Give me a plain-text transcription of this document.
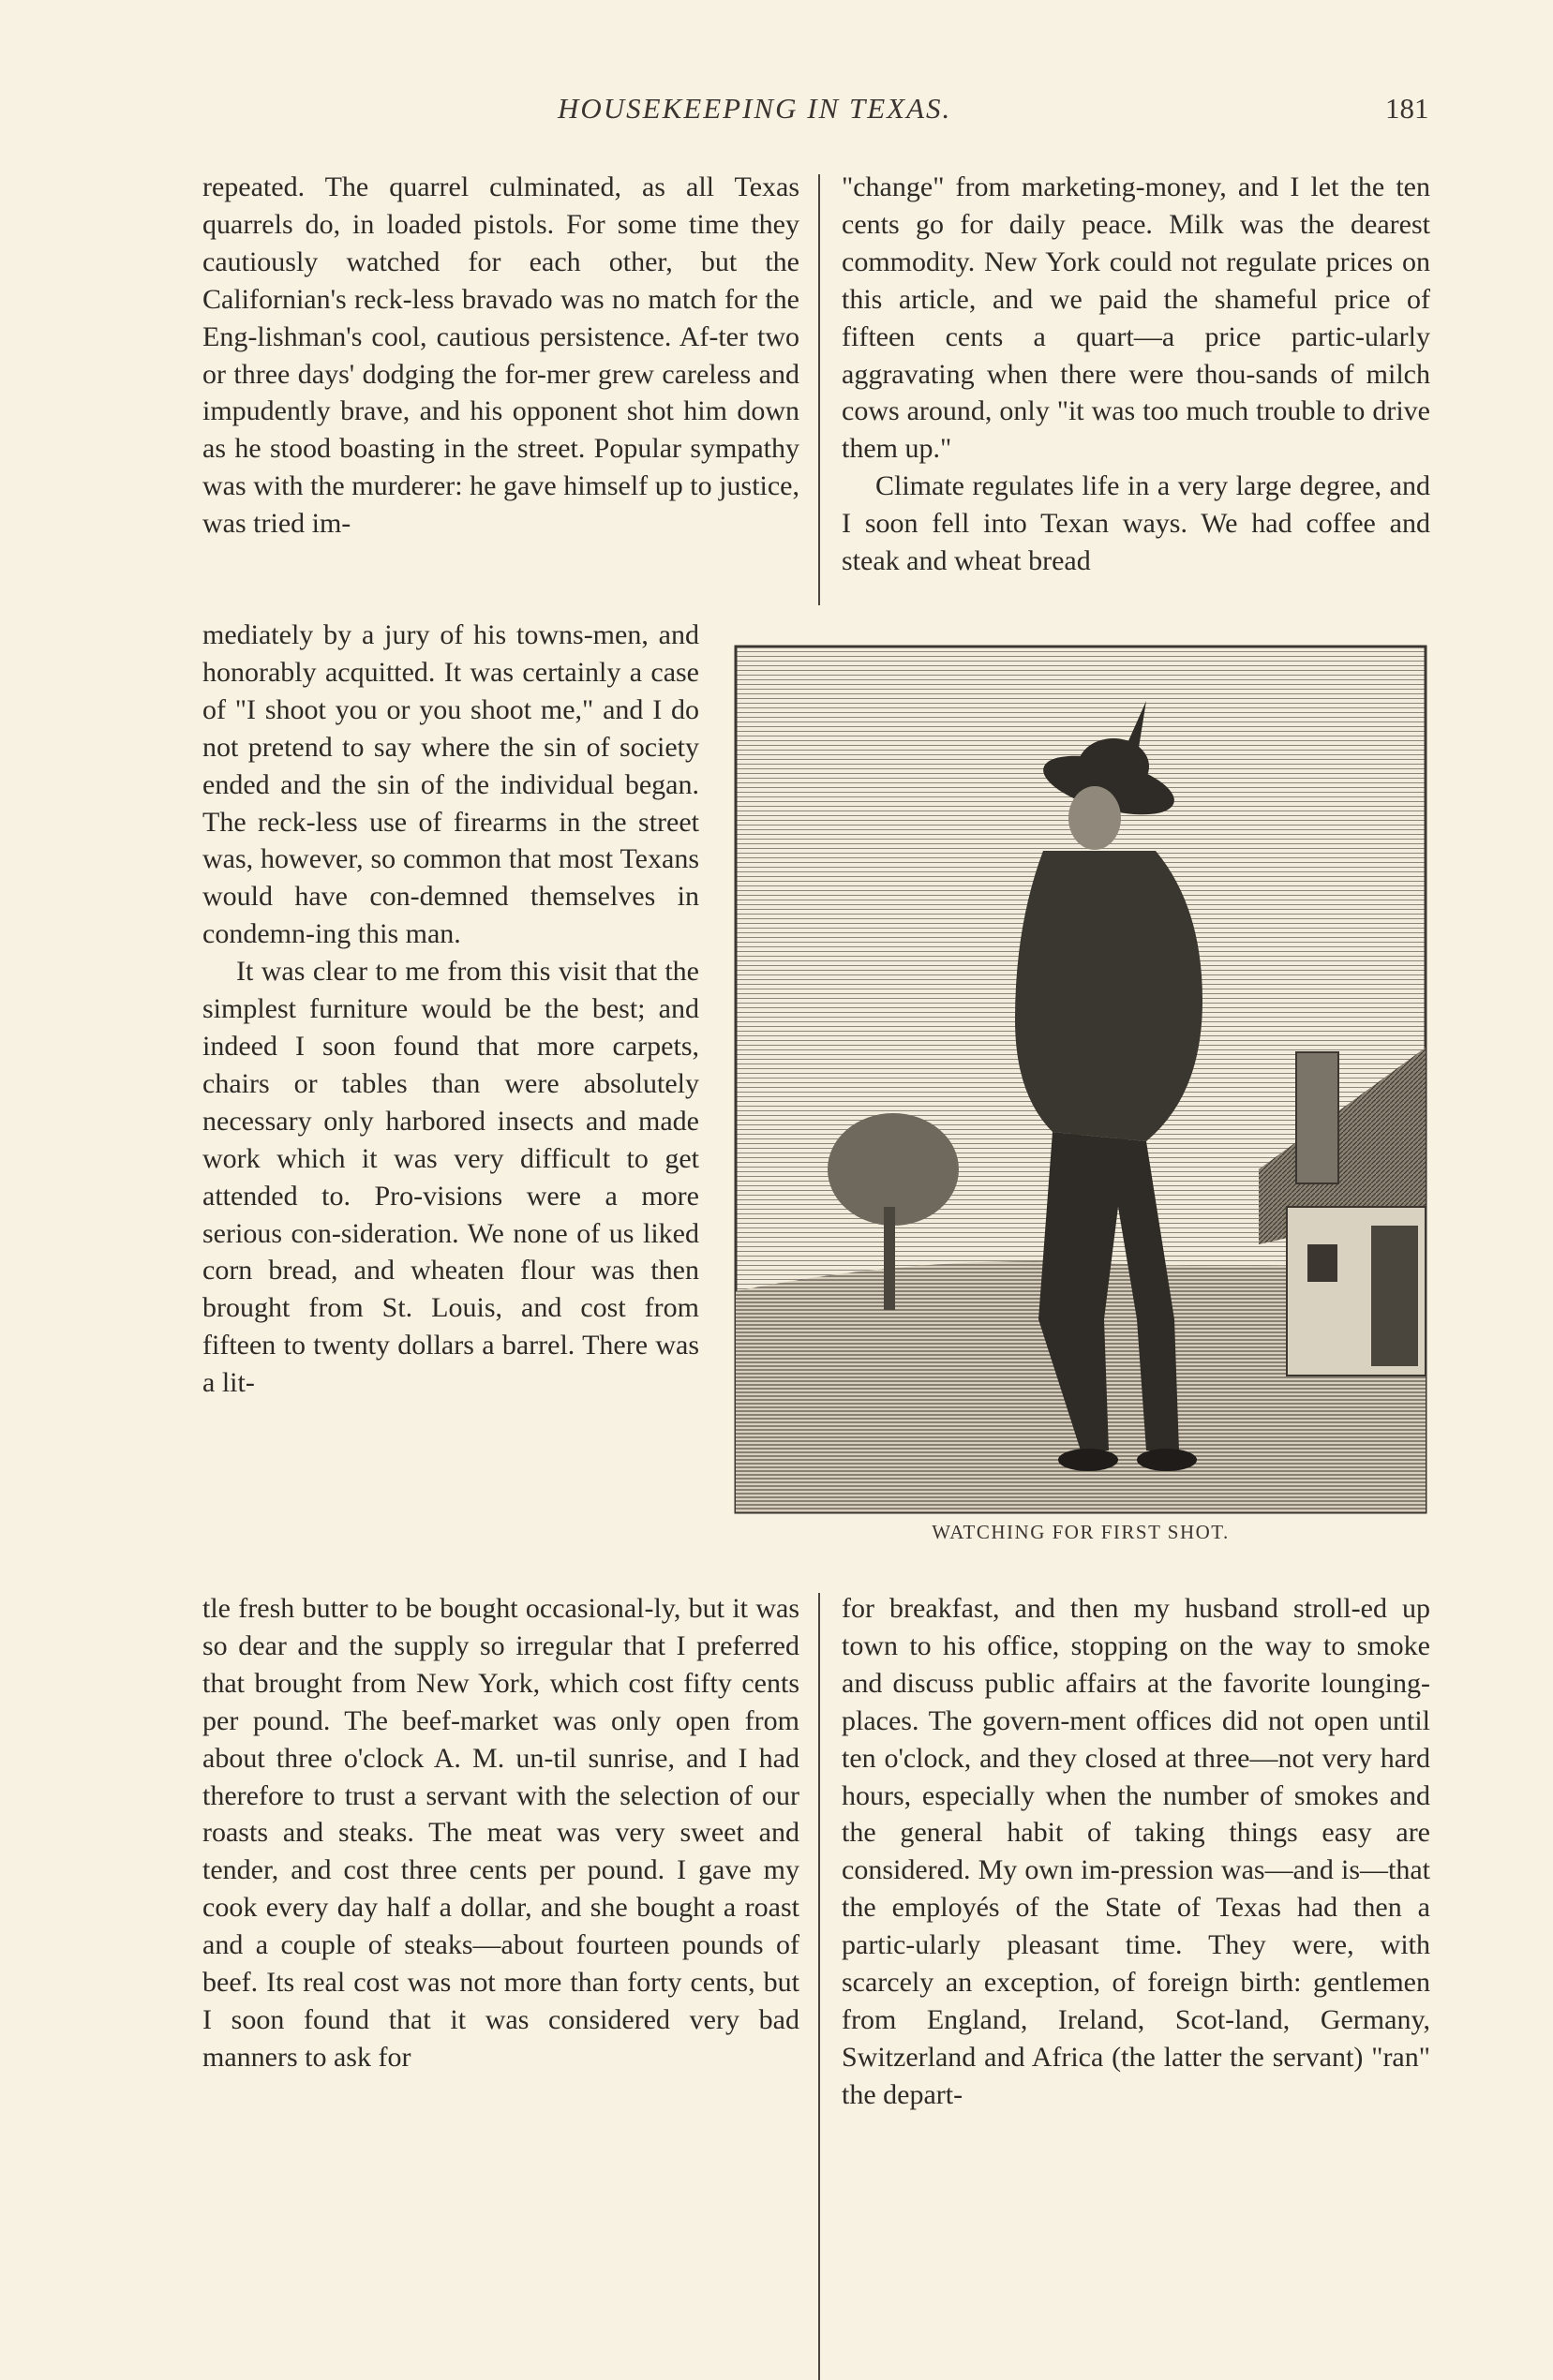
HOUSEKEEPING IN TEXAS.	181

repeated. The quarrel culminated, as all Texas quarrels do, in loaded pistols. For some time they cautiously watched for each other, but the Californian's reck-less bravado was no match for the Eng-lishman's cool, cautious persistence. Af-ter two or three days' dodging the for-mer grew careless and impudently brave, and his opponent shot him down as he stood boasting in the street. Popular sympathy was with the murderer: he gave himself up to justice, was tried im-

mediately by a jury of his towns-men, and honorably acquitted. It was certainly a case of "I shoot you or you shoot me," and I do not pretend to say where the sin of society ended and the sin of the individual began. The reck-less use of firearms in the street was, however, so common that most Texans would have con-demned themselves in condemn-ing this man.

It was clear to me from this visit that the simplest furniture would be the best; and indeed I soon found that more carpets, chairs or tables than were absolutely necessary only harbored insects and made work which it was very difficult to get attended to. Pro-visions were a more serious con-sideration. We none of us liked corn bread, and wheaten flour was then brought from St. Louis, and cost from fifteen to twenty dollars a barrel. There was a lit-

tle fresh butter to be bought occasional-ly, but it was so dear and the supply so irregular that I preferred that brought from New York, which cost fifty cents per pound. The beef-market was only open from about three o'clock A. M. un-til sunrise, and I had therefore to trust a servant with the selection of our roasts and steaks. The meat was very sweet and tender, and cost three cents per pound. I gave my cook every day half a dollar, and she bought a roast and a couple of steaks—about fourteen pounds of beef. Its real cost was not more than forty cents, but I soon found that it was considered very bad manners to ask for

"change" from marketing-money, and I let the ten cents go for daily peace. Milk was the dearest commodity. New York could not regulate prices on this article, and we paid the shameful price of fifteen cents a quart—a price partic-ularly aggravating when there were thou-sands of milch cows around, only "it was too much trouble to drive them up."

Climate regulates life in a very large degree, and I soon fell into Texan ways. We had coffee and steak and wheat bread

for breakfast, and then my husband stroll-ed up town to his office, stopping on the way to smoke and discuss public affairs at the favorite lounging-places. The govern-ment offices did not open until ten o'clock, and they closed at three—not very hard hours, especially when the number of smokes and the general habit of taking things easy are considered. My own im-pression was—and is—that the employés of the State of Texas had then a partic-ularly pleasant time. They were, with scarcely an exception, of foreign birth: gentlemen from England, Ireland, Scot-land, Germany, Switzerland and Africa (the latter the servant) "ran" the depart-

WATCHING FOR FIRST SHOT.
